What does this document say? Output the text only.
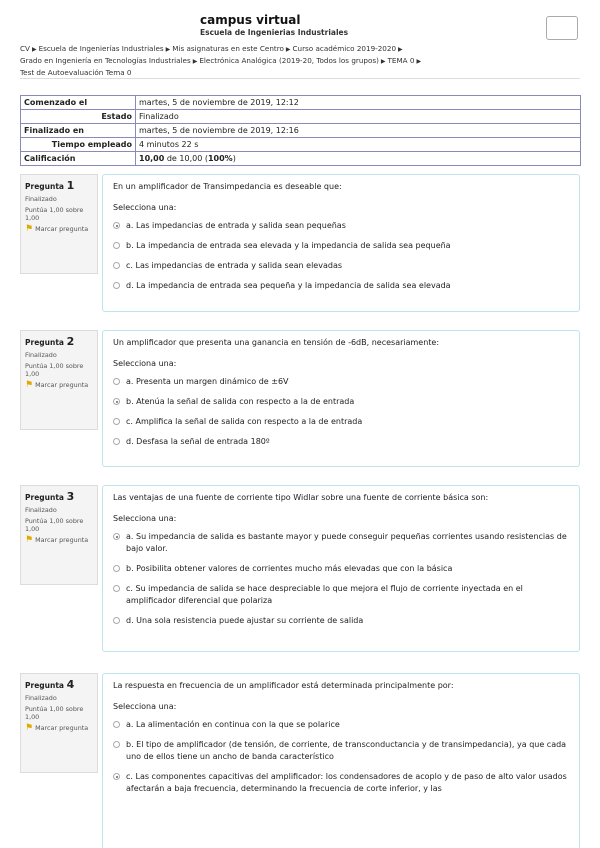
campus virtual
Escuela de Ingenierias Industriales
CV ▶ Escuela de Ingenierías Industriales ▶ Mis asignaturas en este Centro ▶ Curso académico 2019-2020 ▶
Grado en Ingeniería en Tecnologías Industriales ▶ Electrónica Analógica (2019-20, Todos los grupos) ▶ TEMA 0 ▶
Test de Autoevaluación Tema 0
Comenzado el	martes, 5 de noviembre de 2019, 12:12
Estado	Finalizado
Finalizado en	martes, 5 de noviembre de 2019, 12:16
Tiempo empleado	4 minutos 22 s
Calificación	10,00 de 10,00 (100%)
Pregunta 1
Finalizado
Puntúa 1,00 sobre 1,00
⚑ Marcar pregunta
En un amplificador de Transimpedancia es deseable que:
Selecciona una:
a. Las impedancias de entrada y salida sean pequeñas
b. La impedancia de entrada sea elevada y la impedancia de salida sea pequeña
c. Las impedancias de entrada y salida sean elevadas
d. La impedancia de entrada sea pequeña y la impedancia de salida sea elevada
Pregunta 2
Finalizado
Puntúa 1,00 sobre 1,00
⚑ Marcar pregunta
Un amplificador que presenta una ganancia en tensión de -6dB, necesariamente:
Selecciona una:
a. Presenta un margen dinámico de ±6V
b. Atenúa la señal de salida con respecto a la de entrada
c. Amplifica la señal de salida con respecto a la de entrada
d. Desfasa la señal de entrada 180º
Pregunta 3
Finalizado
Puntúa 1,00 sobre 1,00
⚑ Marcar pregunta
Las ventajas de una fuente de corriente tipo Widlar sobre una fuente de corriente básica son:
Selecciona una:
a. Su impedancia de salida es bastante mayor y puede conseguir pequeñas corrientes usando resistencias de bajo valor.
b. Posibilita obtener valores de corrientes mucho más elevadas que con la básica
c. Su impedancia de salida se hace despreciable lo que mejora el flujo de corriente inyectada en el amplificador diferencial que polariza
d. Una sola resistencia puede ajustar su corriente de salida
Pregunta 4
Finalizado
Puntúa 1,00 sobre 1,00
⚑ Marcar pregunta
La respuesta en frecuencia de un amplificador está determinada principalmente por:
Selecciona una:
a. La alimentación en continua con la que se polarice
b. El tipo de amplificador (de tensión, de corriente, de transconductancia y de transimpedancia), ya que cada uno de ellos tiene un ancho de banda característico
c. Las componentes capacitivas del amplificador: los condensadores de acoplo y de paso de alto valor usados afectarán a baja frecuencia, determinando la frecuencia de corte inferior, y las
